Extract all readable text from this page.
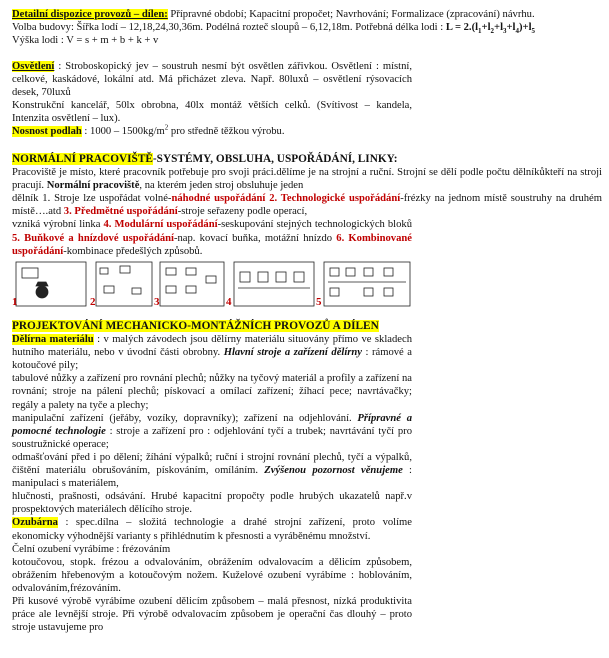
Detailní dispozice provozů – dílen: Přípravné období; Kapacitní propočet; Navrhování; Formalizace (zpracování) návrhu.
Volba budovy: Šířka lodí – 12,18,24,30,36m. Podélná rozteč sloupů – 6,12,18m. Potřebná délka lodi : $L = 2.(l_1+l_2+l_3+l_4)+l_5$
Výška lodi : V = s + m + b + k + v
Osvětlení : Stroboskopický jev – soustruh nesmí být osvětlen zářivkou. Osvětlení : místní, celkové, kaskádové, lokální atd. Má přicházet zleva. Např. 80luxů – osvětlení rýsovacích desek, 70luxů
Konstrukční kancelář, 50lx obrobna, 40lx montáž větších celků. (Svítivost – kandela, Intenzita osvětlení – lux).
Nosnost podlah : $1000 - 1500kg/m^2$ pro středně těžkou výrobu.
NORMÁLNÍ PRACOVIŠTĚ-SYSTÉMY, OBSLUHA, USPOŘÁDÁNÍ, LINKY:
Pracoviště je místo, které pracovník potřebuje pro svoji práci.dělíme je na strojní a ruční. Strojní se dělí podle počtu dělníkůkteří na stroji pracují. Normální pracoviště, na kterém jeden stroj obsluhuje jeden
dělník 1. Stroje lze uspořádat volné-náhodné uspořádání 2. Technologické uspořádání-frézky na jednom místě soustruhy na druhém místě….atd 3. Předmětné uspořádání-stroje seřazeny podle operací,
vzniká výrobní linka 4. Modulární uspořádání-seskupování stejných technologických bloků 5. Buňkové a hnízdové uspořádání-nap. kovací buňka, motážní hnízdo 6. Kombinované uspořádání-kombinace předešlých způsobů.
1	2	3	4	5
PROJEKTOVÁNÍ MECHANICKO-MONTÁŽNÍCH PROVOZŮ A DÍLEN
Dělírna materiálu : v malých závodech jsou dělírny materiálu situovány přímo ve skladech hutního materiálu, nebo v úvodní části obrobny. Hlavní stroje a zařízení dělírny : rámové a kotoučové pily;
tabulové nůžky a zařízení pro rovnání plechů; nůžky na tyčový materiál a profily a zařízení na rovnání; stroje na pálení plechů; pískovací a omílací zařízení; žíhací pece; navrtávačky; regály a palety na tyče a plechy;
manipulační zařízení (jeřáby, vozíky, dopravníky); zařízení na odjehlování. Přípravné a pomocné technologie : stroje a zařízení pro : odjehlování tyčí a trubek; navrtávání tyčí pro soustružnické operace;
odmašťování před i po dělení; žíhání výpalků; ruční i strojní rovnání plechů, tyčí a výpalků, čištění materiálu obrušováním, pískováním, omíláním. Zvýšenou pozornost věnujeme : manipulaci s materiálem,
hlučnosti, prašnosti, odsávání. Hrubé kapacitní propočty podle hrubých ukazatelů např.v prospektových materiálech dělícího stroje.
Ozubárna : spec.dílna – složitá technologie a drahé strojní zařízení, proto volíme ekonomicky výhodnější varianty s přihlédnutím k přesnosti a vyráběnému množství.
Čelní ozubení vyrábíme : frézováním
kotoučovou, stopk. frézou a odvalováním, obrážením odvalovacím a dělicím způsobem, obrážením hřebenovým a kotoučovým nožem. Kuželové ozubení vyrábíme : hoblováním, odvalováním,frézováním.
Při kusové výrobě vyrábíme ozubení dělicím způsobem – malá přesnost, nízká produktivita práce ale levnější stroje. Při výrobě odvalovacím způsobem je operační čas dlouhý – proto stroje ustavujeme pro
